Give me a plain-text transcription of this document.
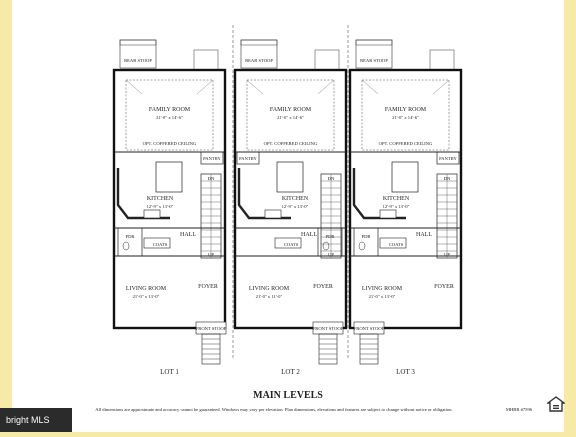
REAR STOOP
FAMILY ROOM
21'-0" x 14'-6"
OPT. COFFERED CEILING
PANTRY
KITCHEN
12'-9" x 13'-0"
DN
UP
PDR
COATS
HALL
LIVING ROOM
21'-0" x 13'-0"
FOYER
FRONT STOOP
LOT 1
REAR STOOP
FAMILY ROOM
21'-0" x 14'-6"
OPT. COFFERED CEILING
PANTRY
KITCHEN
12'-9" x 13'-0"
DN
UP
PDR
COATS
HALL
LIVING ROOM
21'-0" x 11'-0"
FOYER
FRONT STOOP
LOT 2
REAR STOOP
FAMILY ROOM
21'-0" x 14'-6"
OPT. COFFERED CEILING
PANTRY
KITCHEN
12'-9" x 13'-0"
DN
UP
PDR
COATS
HALL
LIVING ROOM
21'-0" x 13'-0"
FOYER
FRONT STOOP
LOT 3
MAIN LEVELS
All dimensions are approximate and accuracy cannot be guaranteed. Windows may vary per elevation. Plan dimensions, elevations and features are subject to change without notice or obligation.	MHBR #7596
bright MLS
